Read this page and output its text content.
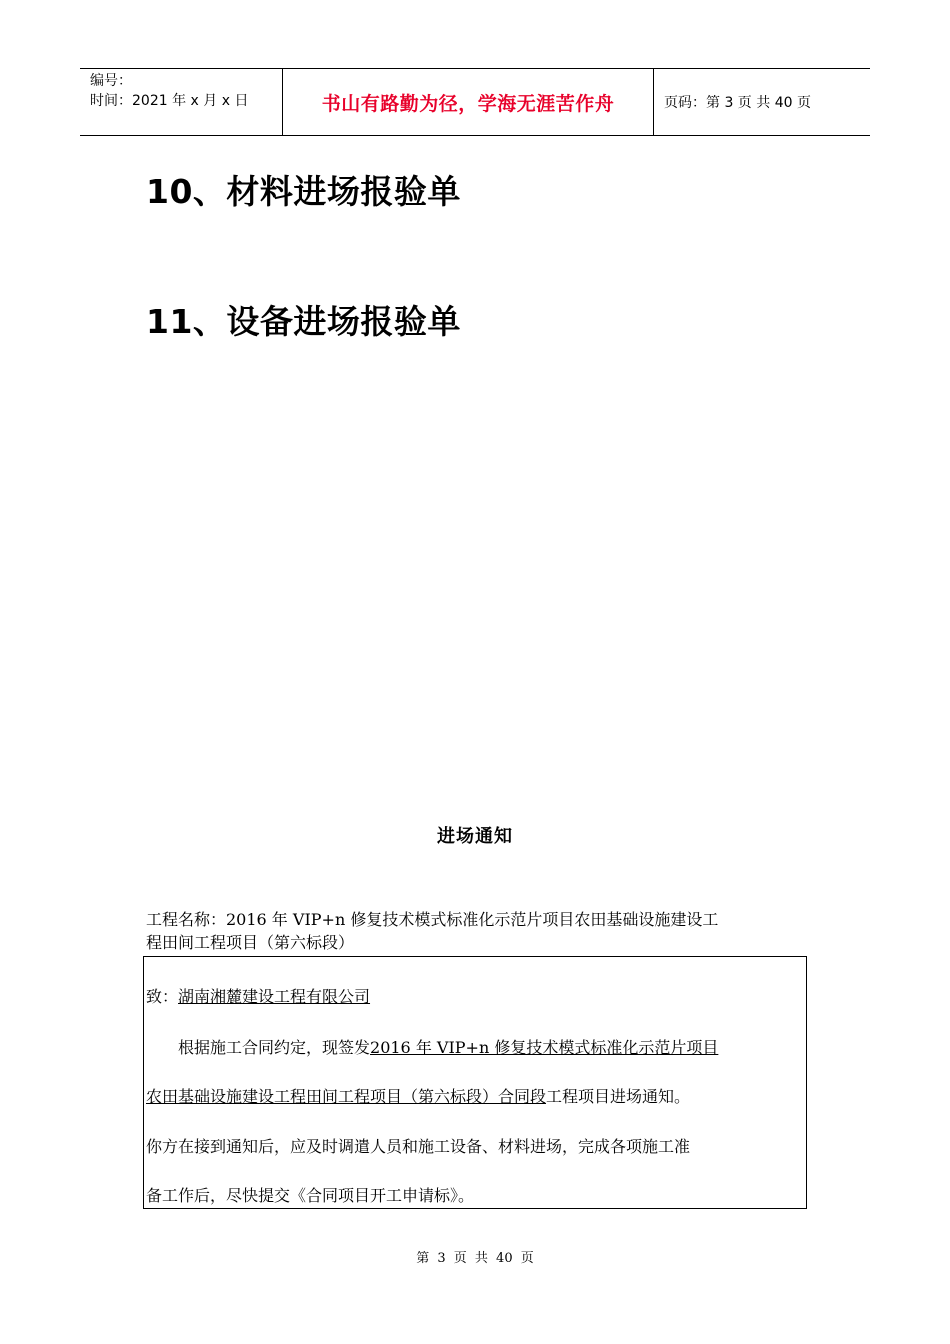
编号：
时间：2021 年 x 月 x 日	书山有路勤为径，学海无涯苦作舟	页码：第 3 页 共 40 页
10、材料进场报验单
11、设备进场报验单
进场通知
工程名称：2016 年 VIP+n 修复技术模式标准化示范片项目农田基础设施建设工
程田间工程项目（第六标段）
致：湖南湘麓建设工程有限公司
　　根据施工合同约定，现签发2016 年 VIP+n 修复技术模式标准化示范片项目
农田基础设施建设工程田间工程项目（第六标段）合同段工程项目进场通知。
你方在接到通知后，应及时调遣人员和施工设备、材料进场，完成各项施工准
备工作后，尽快提交《合同项目开工申请标》。
第 3 页 共 40 页
